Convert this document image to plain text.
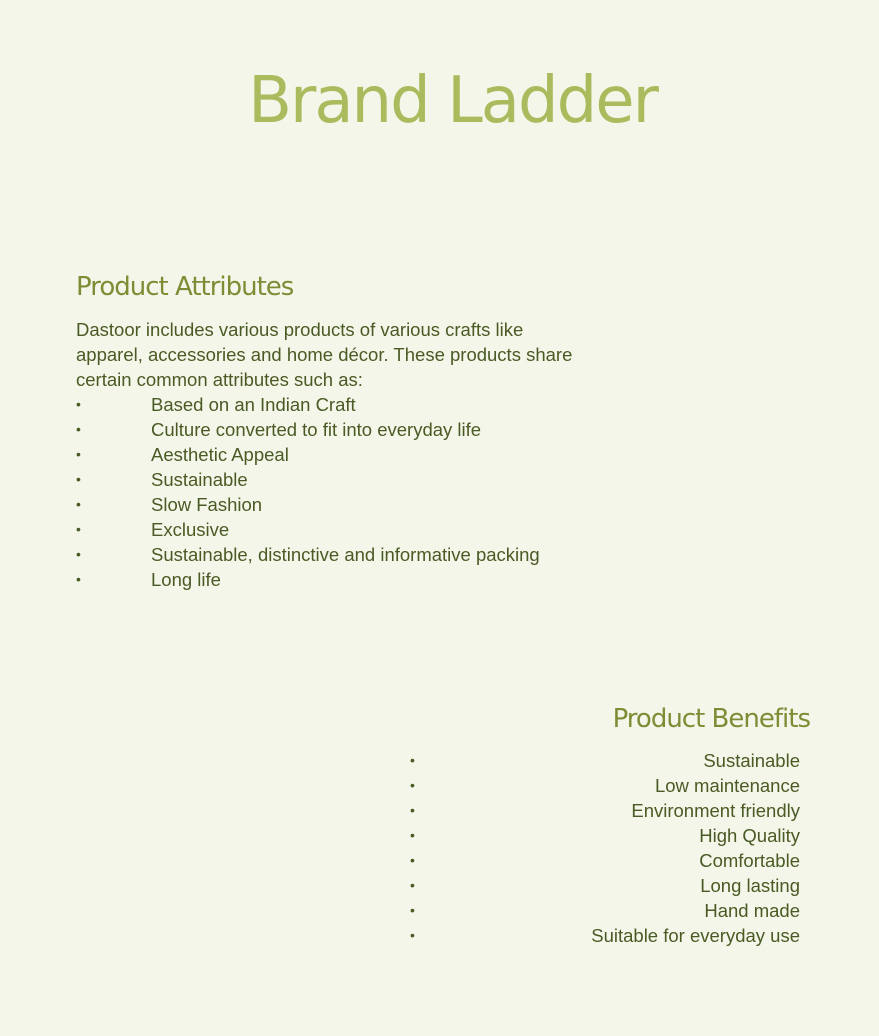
Brand Ladder
Product Attributes
Dastoor includes various products of various crafts like apparel, accessories and home décor. These products share certain common attributes such as:
•	Based on an Indian Craft
•	Culture converted to fit into everyday life
•	Aesthetic Appeal
•	Sustainable
•	Slow Fashion
•	Exclusive
•	Sustainable, distinctive and informative packing
•	Long life
Product Benefits
•	Sustainable
•	Low maintenance
•	Environment friendly
•	High Quality
•	Comfortable
•	Long lasting
•	Hand made
•	Suitable for everyday use
